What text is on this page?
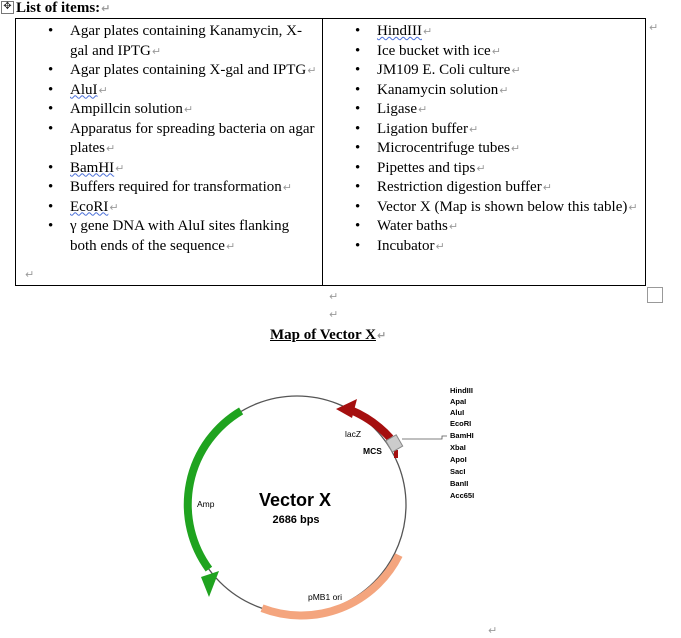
✥ List of items:↵
• Agar plates containing Kanamycin, X-gal and IPTG↵
• Agar plates containing X-gal and IPTG↵
• AluI↵
• Ampillcin solution↵
• Apparatus for spreading bacteria on agar plates↵
• BamHI↵
• Buffers required for transformation↵
• EcoRI↵
• γ gene DNA with AluI sites flanking both ends of the sequence↵
↵
• HindIII↵
• Ice bucket with ice↵
• JM109 E. Coli culture↵
• Kanamycin solution↵
• Ligase↵
• Ligation buffer↵
• Microcentrifuge tubes↵
• Pipettes and tips↵
• Restriction digestion buffer↵
• Vector X (Map is shown below this table)↵
• Water baths↵
• Incubator↵
↵
↵
↵
Map of Vector X↵
lacZ
MCS
Amp
pMB1 ori
Vector X
2686 bps
HindIII
ApaI
AluI
EcoRI
BamHI
XbaI
ApoI
SacI
BanII
Acc65I
↵
